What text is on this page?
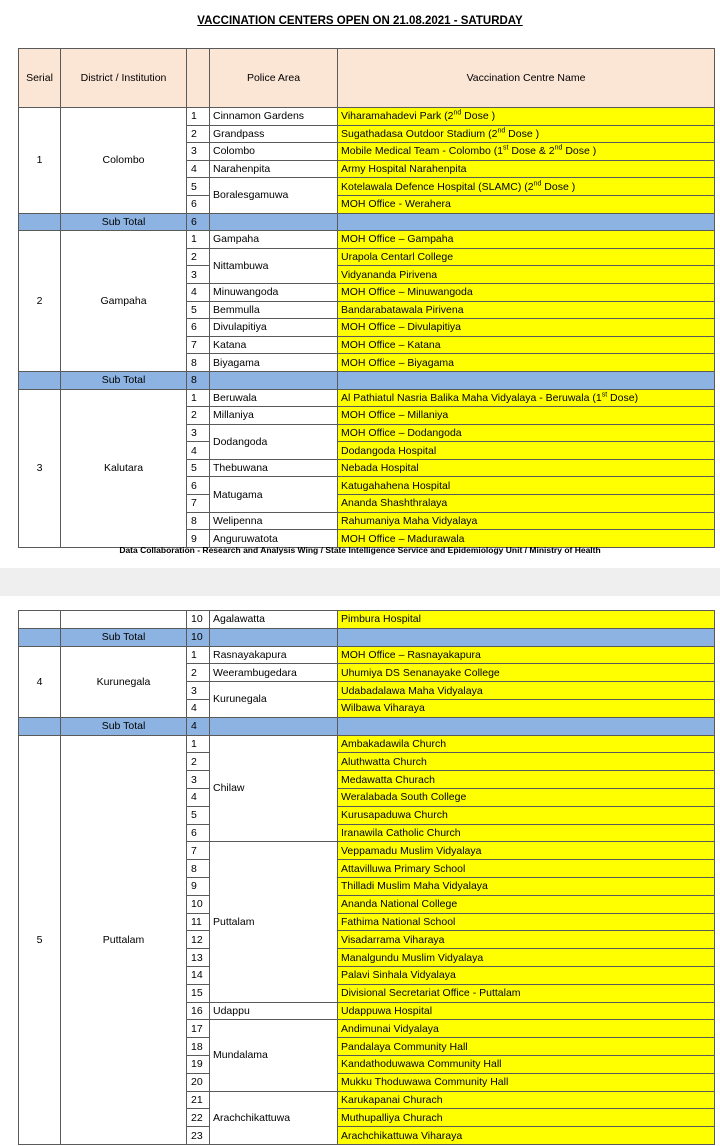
VACCINATION CENTERS OPEN ON 21.08.2021 - SATURDAY
Serial	District / Institution		Police Area	Vaccination Centre Name
1	Colombo	1	Cinnamon Gardens	Viharamahadevi Park (2nd Dose )
		2	Grandpass	Sugathadasa Outdoor Stadium (2nd Dose )
		3	Colombo	Mobile Medical Team - Colombo (1st Dose & 2nd Dose )
		4	Narahenpita	Army Hospital Narahenpita
		5	Boralesgamuwa	Kotelawala Defence Hospital (SLAMC) (2nd Dose )
		6		MOH Office - Werahera
	Sub Total	6		
2	Gampaha	1	Gampaha	MOH Office – Gampaha
		2	Nittambuwa	Urapola Centarl College
		3		Vidyananda Pirivena
		4	Minuwangoda	MOH Office – Minuwangoda
		5	Bemmulla	Bandarabatawala Pirivena
		6	Divulapitiya	MOH Office – Divulapitiya
		7	Katana	MOH Office – Katana
		8	Biyagama	MOH Office – Biyagama
	Sub Total	8		
3	Kalutara	1	Beruwala	Al Pathiatul Nasria Balika Maha Vidyalaya - Beruwala (1st Dose)
		2	Millaniya	MOH Office – Millaniya
		3	Dodangoda	MOH Office – Dodangoda
		4		Dodangoda Hospital
		5	Thebuwana	Nebada Hospital
		6	Matugama	Katugahahena Hospital
		7		Ananda Shashthralaya
		8	Welipenna	Rahumaniya Maha Vidyalaya
		9	Anguruwatota	MOH Office – Madurawala
Data Collaboration - Research and Analysis Wing / State Intelligence Service and Epidemiology Unit / Ministry of Health
		10	Agalawatta	Pimbura Hospital
	Sub Total	10		
4	Kurunegala	1	Rasnayakapura	MOH Office – Rasnayakapura
		2	Weerambugedara	Uhumiya DS Senanayake College
		3	Kurunegala	Udabadalawa Maha Vidyalaya
		4		Wilbawa Viharaya
	Sub Total	4		
5	Puttalam	1	Chilaw	Ambakadawila Church
		2		Aluthwatta Church
		3		Medawatta Churach
		4		Weralabada South College
		5		Kurusapaduwa Church
		6		Iranawila Catholic Church
		7	Puttalam	Veppamadu Muslim Vidyalaya
		8		Attavilluwa Primary School
		9		Thilladi Muslim Maha Vidyalaya
		10		Ananda National College
		11		Fathima National School
		12		Visadarrama Viharaya
		13		Manalgundu Muslim Vidyalaya
		14		Palavi Sinhala Vidyalaya
		15		Divisional Secretariat Office - Puttalam
		16	Udappu	Udappuwa Hospital
		17	Mundalama	Andimunai Vidyalaya
		18		Pandalaya Community Hall
		19		Kandathoduwawa Community Hall
		20		Mukku Thoduwawa Community Hall
		21	Arachchikattuwa	Karukapanai Churach
		22		Muthupalliya Churach
		23		Arachchikattuwa Viharaya
